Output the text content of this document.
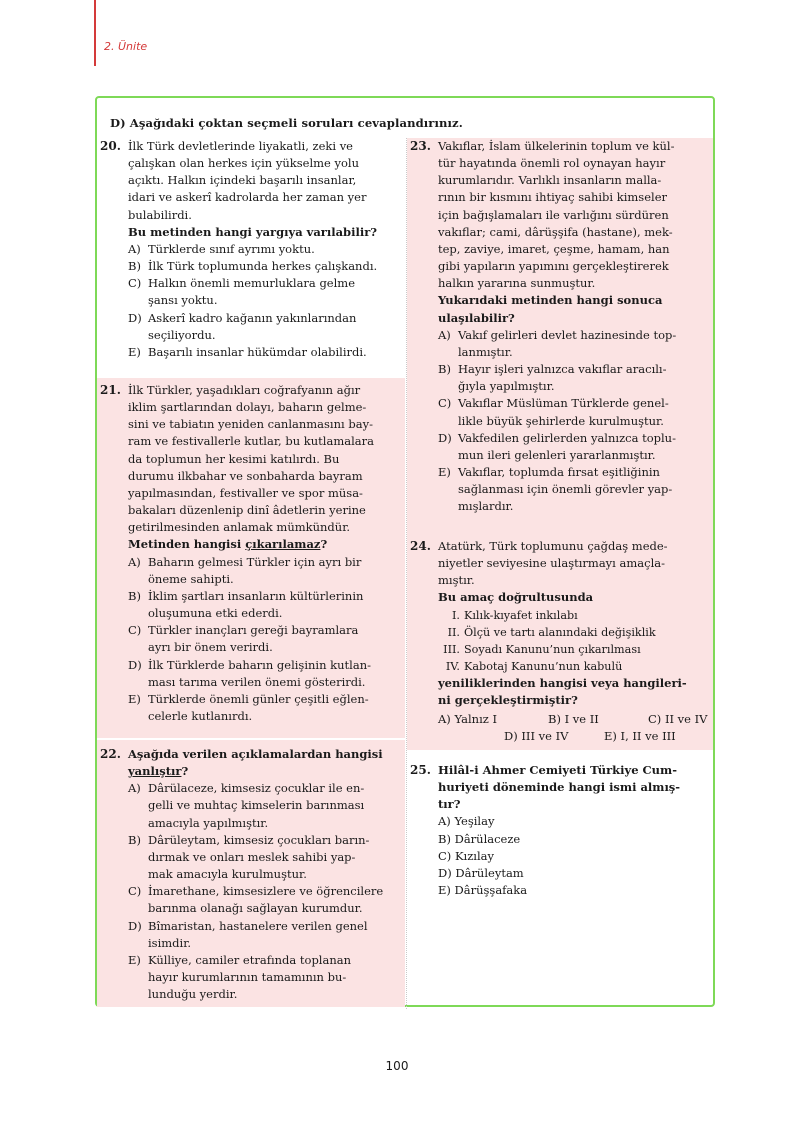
2. Ünite
D) Aşağıdaki çoktan seçmeli soruları cevaplandırınız.
20. İlk Türk devletlerinde liyakatli, zeki ve
çalışkan olan herkes için yükselme yolu
açıktı. Halkın içindeki başarılı insanlar,
idari ve askerî kadrolarda her zaman yer
bulabilirdi.

Bu metinden hangi yargıya varılabilir?

A) Türklerde sınıf ayrımı yoktu.
B) İlk Türk toplumunda herkes çalışkandı.
C) Halkın önemli memurluklara gelme
şansı yoktu.
D) Askerî kadro kağanın yakınlarından
seçiliyordu.
E) Başarılı insanlar hükümdar olabilirdi.
21. İlk Türkler, yaşadıkları coğrafyanın ağır
iklim şartlarından dolayı, baharın gelme-
sini ve tabiatın yeniden canlanmasını bay-
ram ve festivallerle kutlar, bu kutlamalara
da toplumun her kesimi katılırdı. Bu
durumu ilkbahar ve sonbaharda bayram
yapılmasından, festivaller ve spor müsa-
bakaları düzenlenip dinî âdetlerin yerine
getirilmesinden anlamak mümkündür.

Metinden hangisi çıkarılamaz?

A) Baharın gelmesi Türkler için ayrı bir
öneme sahipti.
B) İklim şartları insanların kültürlerinin
oluşumuna etki ederdi.
C) Türkler inançları gereği bayramlara
ayrı bir önem verirdi.
D) İlk Türklerde baharın gelişinin kutlan-
ması tarıma verilen önemi gösterirdi.
E) Türklerde önemli günler çeşitli eğlen-
celerle kutlanırdı.
22. Aşağıda verilen açıklamalardan hangisi
yanlıştır?

A) Dârülaceze, kimsesiz çocuklar ile en-
gelli ve muhtaç kimselerin barınması
amacıyla yapılmıştır.
B) Dârüleytam, kimsesiz çocukları barın-
dırmak ve onları meslek sahibi yap-
mak amacıyla kurulmuştur.
C) İmarethane, kimsesizlere ve öğrencilere
barınma olanağı sağlayan kurumdur.
D) Bîmaristan, hastanelere verilen genel
isimdir.
E) Külliye, camiler etrafında toplanan
hayır kurumlarının tamamının bu-
lunduğu yerdir.
23. Vakıflar, İslam ülkelerinin toplum ve kül-
tür hayatında önemli rol oynayan hayır
kurumlarıdır. Varlıklı insanların malla-
rının bir kısmını ihtiyaç sahibi kimseler
için bağışlamaları ile varlığını sürdüren
vakıflar; cami, dârüşşifa (hastane), mek-
tep, zaviye, imaret, çeşme, hamam, han
gibi yapıların yapımını gerçekleştirerek
halkın yararına sunmuştur.
Yukarıdaki metinden hangi sonuca
ulaşılabilir?
A) Vakıf gelirleri devlet hazinesinde top-
lanmıştır.
B) Hayır işleri yalnızca vakıflar aracılı-
ğıyla yapılmıştır.
C) Vakıflar Müslüman Türklerde genel-
likle büyük şehirlerde kurulmuştur.
D) Vakfedilen gelirlerden yalnızca toplu-
mun ileri gelenleri yararlanmıştır.
E) Vakıflar, toplumda fırsat eşitliğinin
sağlanması için önemli görevler yap-
mışlardır.
24. Atatürk, Türk toplumunu çağdaş mede-
niyetler seviyesine ulaştırmayı amaçla-
mıştır.

Bu amaç doğrultusunda

I. Kılık-kıyafet inkılabı
II. Ölçü ve tartı alanındaki değişiklik
III. Soyadı Kanunu’nun çıkarılması
IV. Kabotaj Kanunu’nun kabulü
yeniliklerinden hangisi veya hangileri-
ni gerçekleştirmiştir?
A) Yalnız I	B) I ve II	C) II ve IV
D) III ve IV	E) I, II ve III
25. Hilâl-i Ahmer Cemiyeti Türkiye Cum-
huriyeti döneminde hangi ismi almış-
tır?
A) Yeşilay
B) Dârülaceze
C) Kızılay
D) Dârüleytam
E) Dârüşşafaka
100
